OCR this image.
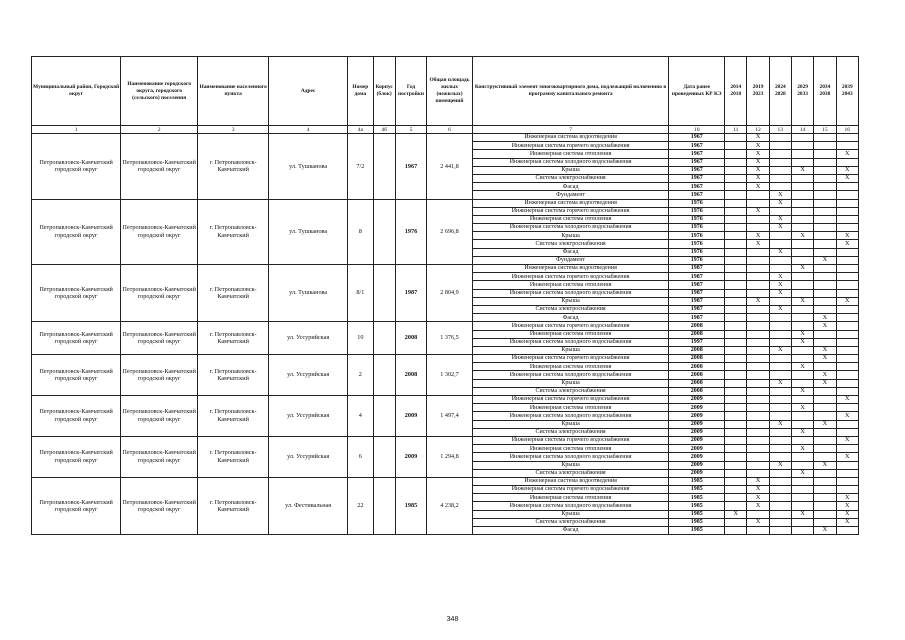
Муниципальный район, Городской округ	Наименование городского округа, городского (сельского) поселения	Наименование населенного пункта	Адрес	Номер дома	Корпус (блок)	Год постройки	Общая площадь жилых (нежилых) помещений	Конструктивный элемент многоквартирного дома, подлежащий включению в программу капитального ремонта	Дата ранее проведенных КР КЭ	2014 2018	2019 2023	2024 2028	2029 2033	2034 2038	2039 2043
1	2	3	4	4а	4б	5	6	7	10	11	12	13	14	15	16
Петропавловск-Камчатский городской округ	Петропавловск-Камчатский городской округ	г. Петропавловск-Камчатский	ул. Тушканова	7/2		1967	2 441,8	Инженерная система водоотведения	1967		X				
								Инженерная система горячего водоснабжения	1967		X				
								Инженерная система отопления	1967		X				X
								Инженерная система холодного водоснабжения	1967		X				
								Крыша	1967		X		X		X
								Система электроснабжения	1967		X				X
								Фасад	1967		X				
								Фундамент	1967			X			
Петропавловск-Камчатский городской округ	Петропавловск-Камчатский городской округ	г. Петропавловск-Камчатский	ул. Тушканова	8		1976	2 696,8	Инженерная система водоотведения	1976			X			
								Инженерная система горячего водоснабжения	1976		X				
								Инженерная система отопления	1976			X			
								Инженерная система холодного водоснабжения	1976			X			
								Крыша	1976		X		X		X
								Система электроснабжения	1976		X				X
								Фасад	1976			X			
								Фундамент	1976					X	
Петропавловск-Камчатский городской округ	Петропавловск-Камчатский городской округ	г. Петропавловск-Камчатский	ул. Тушканова	8/1		1987	2 804,9	Инженерная система водоотведения	1987				X		
								Инженерная система горячего водоснабжения	1987			X			
								Инженерная система отопления	1987			X			
								Инженерная система холодного водоснабжения	1987			X			
								Крыша	1987		X		X		X
								Система электроснабжения	1987			X			
								Фасад	1987					X	
Петропавловск-Камчатский городской округ	Петропавловск-Камчатский городской округ	г. Петропавловск-Камчатский	ул. Уссурийская	10		2008	1 376,5	Инженерная система горячего водоснабжения	2008					X	
								Инженерная система отопления	2008				X		
								Инженерная система холодного водоснабжения	1997				X		
								Крыша	2008			X		X	
Петропавловск-Камчатский городской округ	Петропавловск-Камчатский городской округ	г. Петропавловск-Камчатский	ул. Уссурийская	2		2008	1 302,7	Инженерная система горячего водоснабжения	2008					X	
								Инженерная система отопления	2008				X		
								Инженерная система холодного водоснабжения	2008					X	
								Крыша	2008			X		X	
								Система электроснабжения	2008				X		
Петропавловск-Камчатский городской округ	Петропавловск-Камчатский городской округ	г. Петропавловск-Камчатский	ул. Уссурийская	4		2009	1 497,4	Инженерная система горячего водоснабжения	2009						X
								Инженерная система отопления	2009				X		
								Инженерная система холодного водоснабжения	2009						X
								Крыша	2009			X		X	
								Система электроснабжения	2009				X		
Петропавловск-Камчатский городской округ	Петропавловск-Камчатский городской округ	г. Петропавловск-Камчатский	ул. Уссурийская	6		2009	1 294,8	Инженерная система горячего водоснабжения	2009						X
								Инженерная система отопления	2009				X		
								Инженерная система холодного водоснабжения	2009						X
								Крыша	2009			X		X	
								Система электроснабжения	2009				X		
Петропавловск-Камчатский городской округ	Петропавловск-Камчатский городской округ	г. Петропавловск-Камчатский	ул. Фестивальная	22		1985	4 238,2	Инженерная система водоотведения	1985		X				
								Инженерная система горячего водоснабжения	1985		X				
								Инженерная система отопления	1985		X				X
								Инженерная система холодного водоснабжения	1985		X				X
								Крыша	1985	X			X		X
								Система электроснабжения	1985		X				X
								Фасад	1985					X	
348
